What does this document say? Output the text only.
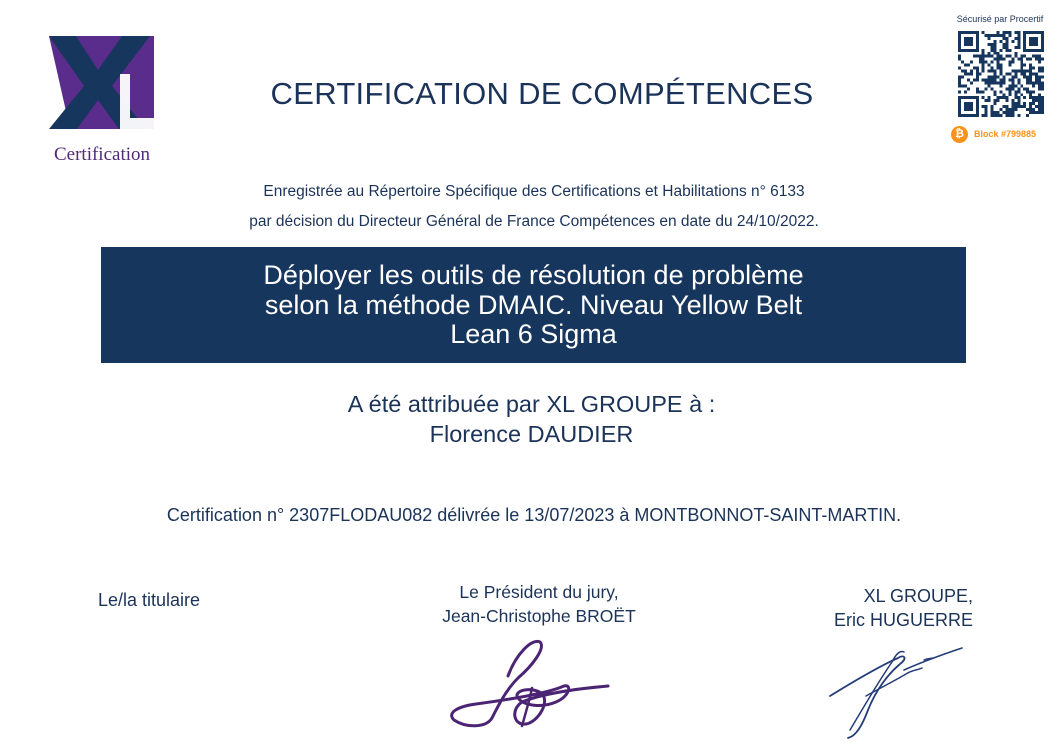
Certification
CERTIFICATION DE COMPÉTENCES
Sécurisé par Procertif
₿	Block #799885
Enregistrée au Répertoire Spécifique des Certifications et Habilitations n° 6133
par décision du Directeur Général de France Compétences en date du 24/10/2022.
Déployer les outils de résolution de problème selon la méthode DMAIC. Niveau Yellow Belt Lean 6 Sigma
A été attribuée par XL GROUPE à :
Florence DAUDIER
Certification n° 2307FLODAU082 délivrée le 13/07/2023 à MONTBONNOT-SAINT-MARTIN.
Le/la titulaire	Le Président du jury,
Jean-Christophe BROËT
XL GROUPE,
Eric HUGUERRE
